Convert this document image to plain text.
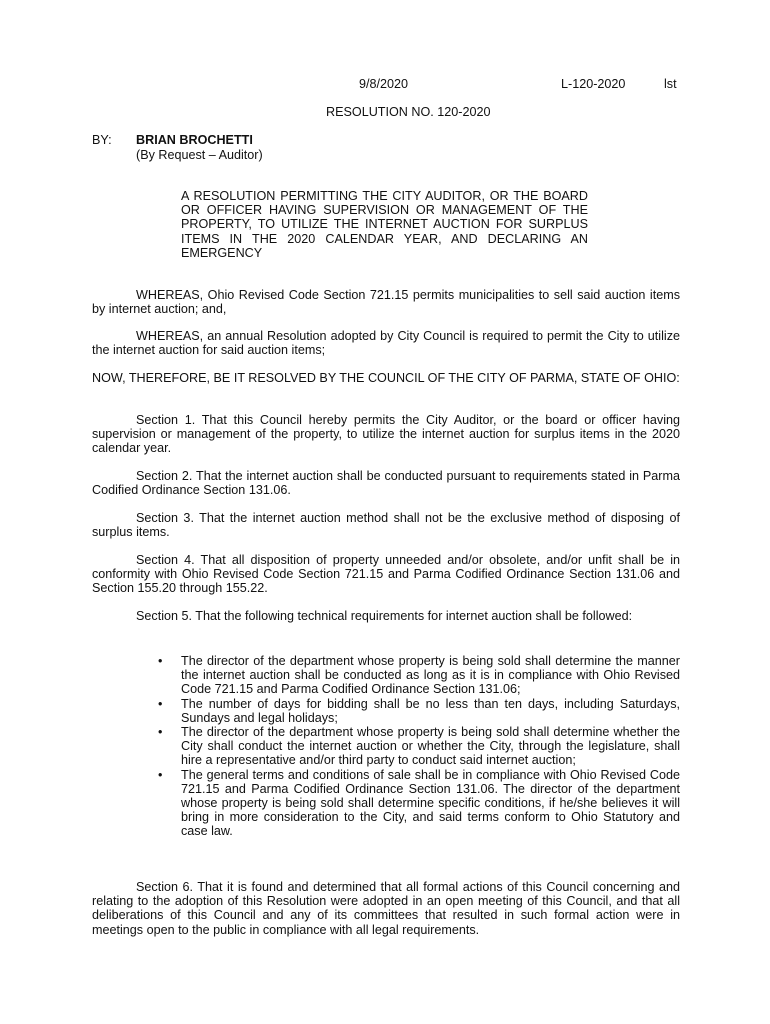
9/8/2020	L-120-2020	lst
RESOLUTION NO. 120-2020
BY: BRIAN BROCHETTI
(By Request – Auditor)

A RESOLUTION PERMITTING THE CITY AUDITOR, OR THE BOARD OR OFFICER HAVING SUPERVISION OR MANAGEMENT OF THE PROPERTY, TO UTILIZE THE INTERNET AUCTION FOR SURPLUS ITEMS IN THE 2020 CALENDAR YEAR, AND DECLARING AN EMERGENCY

WHEREAS, Ohio Revised Code Section 721.15 permits municipalities to sell said auction items by internet auction; and,

WHEREAS, an annual Resolution adopted by City Council is required to permit the City to utilize the internet auction for said auction items;

NOW, THEREFORE, BE IT RESOLVED BY THE COUNCIL OF THE CITY OF PARMA, STATE OF OHIO:

Section 1. That this Council hereby permits the City Auditor, or the board or officer having supervision or management of the property, to utilize the internet auction for surplus items in the 2020 calendar year.

Section 2. That the internet auction shall be conducted pursuant to requirements stated in Parma Codified Ordinance Section 131.06.

Section 3. That the internet auction method shall not be the exclusive method of disposing of surplus items.

Section 4. That all disposition of property unneeded and/or obsolete, and/or unfit shall be in conformity with Ohio Revised Code Section 721.15 and Parma Codified Ordinance Section 131.06 and Section 155.20 through 155.22.

Section 5. That the following technical requirements for internet auction shall be followed:

• The director of the department whose property is being sold shall determine the manner the internet auction shall be conducted as long as it is in compliance with Ohio Revised Code 721.15 and Parma Codified Ordinance Section 131.06;
• The number of days for bidding shall be no less than ten days, including Saturdays, Sundays and legal holidays;
• The director of the department whose property is being sold shall determine whether the City shall conduct the internet auction or whether the City, through the legislature, shall hire a representative and/or third party to conduct said internet auction;
• The general terms and conditions of sale shall be in compliance with Ohio Revised Code 721.15 and Parma Codified Ordinance Section 131.06. The director of the department whose property is being sold shall determine specific conditions, if he/she believes it will bring in more consideration to the City, and said terms conform to Ohio Statutory and case law.

Section 6. That it is found and determined that all formal actions of this Council concerning and relating to the adoption of this Resolution were adopted in an open meeting of this Council, and that all deliberations of this Council and any of its committees that resulted in such formal action were in meetings open to the public in compliance with all legal requirements.
